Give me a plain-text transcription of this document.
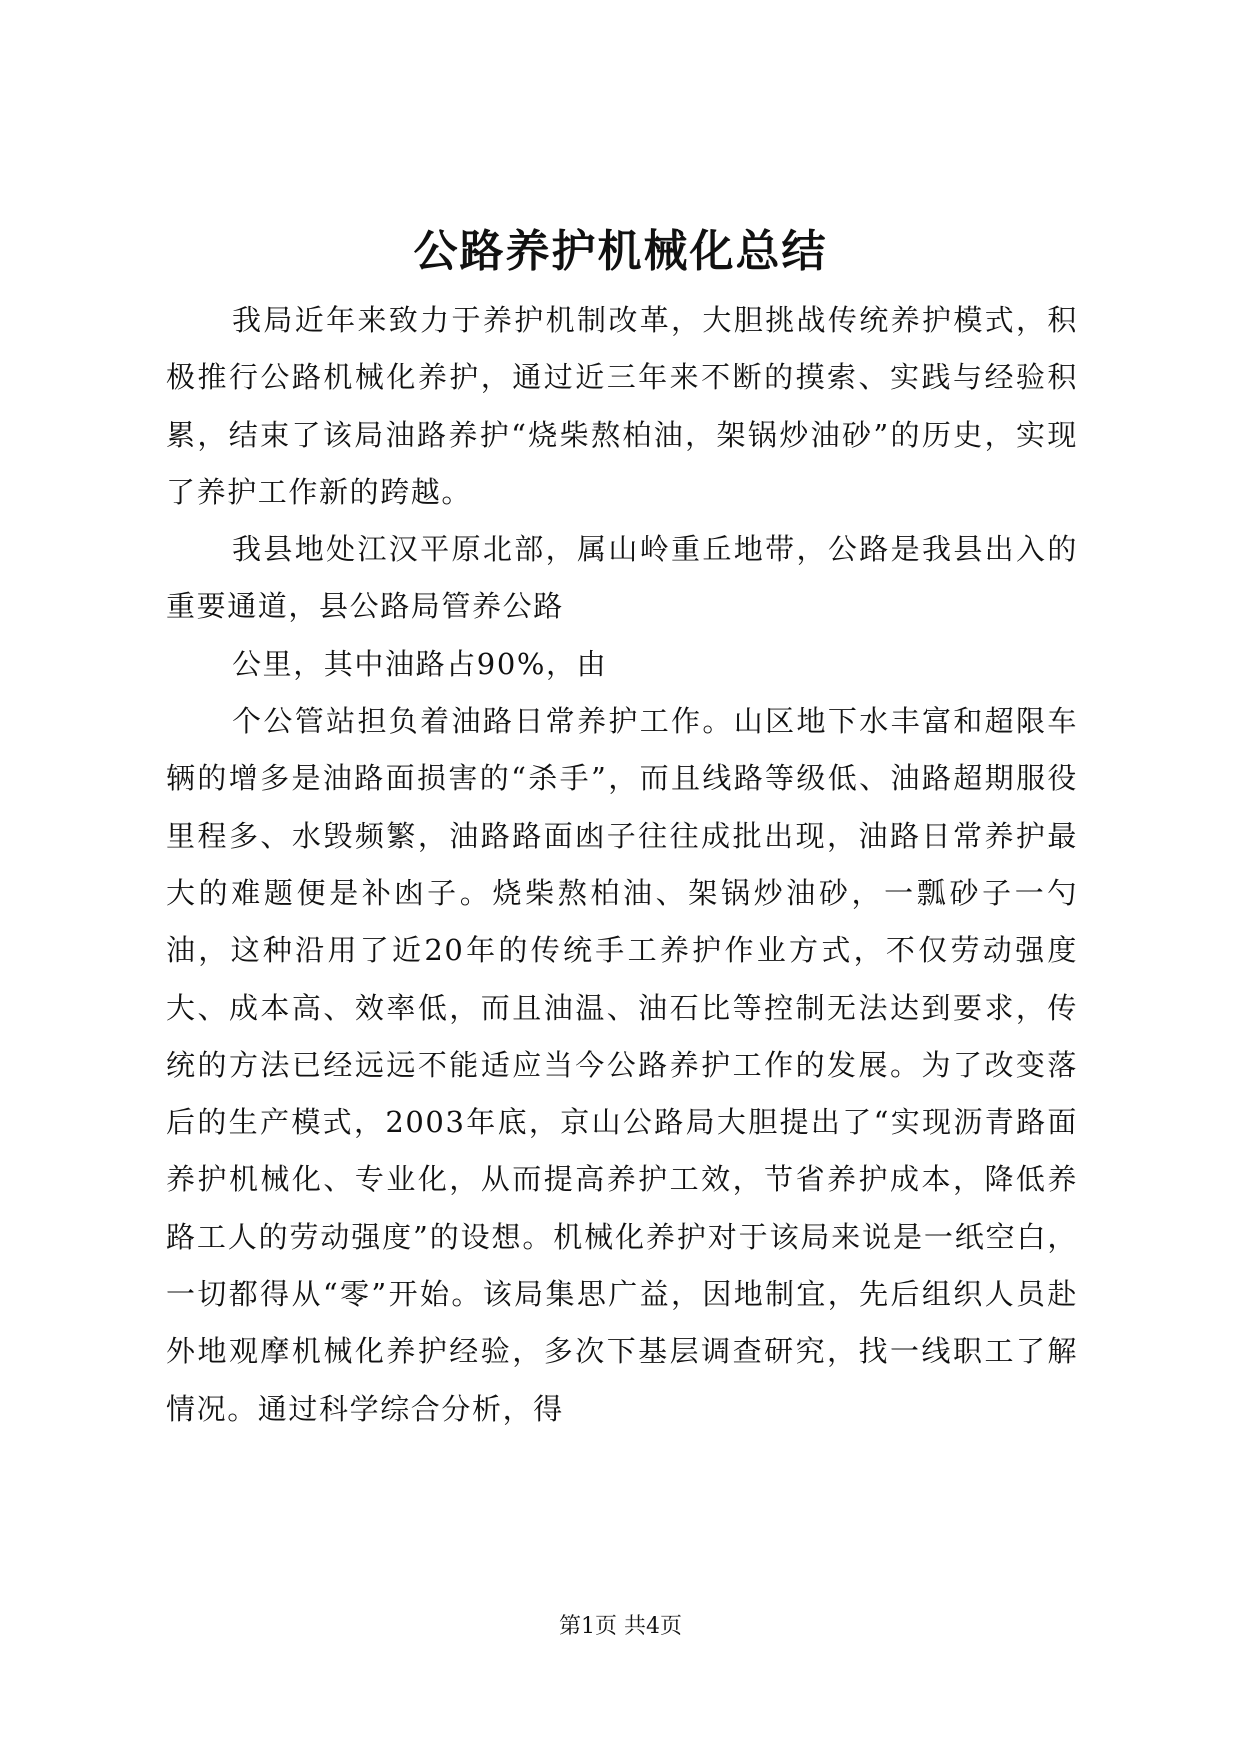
公路养护机械化总结

我局近年来致力于养护机制改革，大胆挑战传统养护模式，积极推行公路机械化养护，通过近三年来不断的摸索、实践与经验积累，结束了该局油路养护“烧柴熬柏油，架锅炒油砂”的历史，实现了养护工作新的跨越。

我县地处江汉平原北部，属山岭重丘地带，公路是我县出入的重要通道，县公路局管养公路

公里，其中油路占90%，由

个公管站担负着油路日常养护工作。山区地下水丰富和超限车辆的增多是油路面损害的“杀手”，而且线路等级低、油路超期服役里程多、水毁频繁，油路路面凼子往往成批出现，油路日常养护最大的难题便是补凼子。烧柴熬柏油、架锅炒油砂，一瓢砂子一勺油，这种沿用了近20年的传统手工养护作业方式，不仅劳动强度大、成本高、效率低，而且油温、油石比等控制无法达到要求，传统的方法已经远远不能适应当今公路养护工作的发展。为了改变落后的生产模式，2003年底，京山公路局大胆提出了“实现沥青路面养护机械化、专业化，从而提高养护工效，节省养护成本，降低养路工人的劳动强度”的设想。机械化养护对于该局来说是一纸空白，一切都得从“零”开始。该局集思广益，因地制宜，先后组织人员赴外地观摩机械化养护经验，多次下基层调查研究，找一线职工了解情况。通过科学综合分析，得

第1页 共4页
